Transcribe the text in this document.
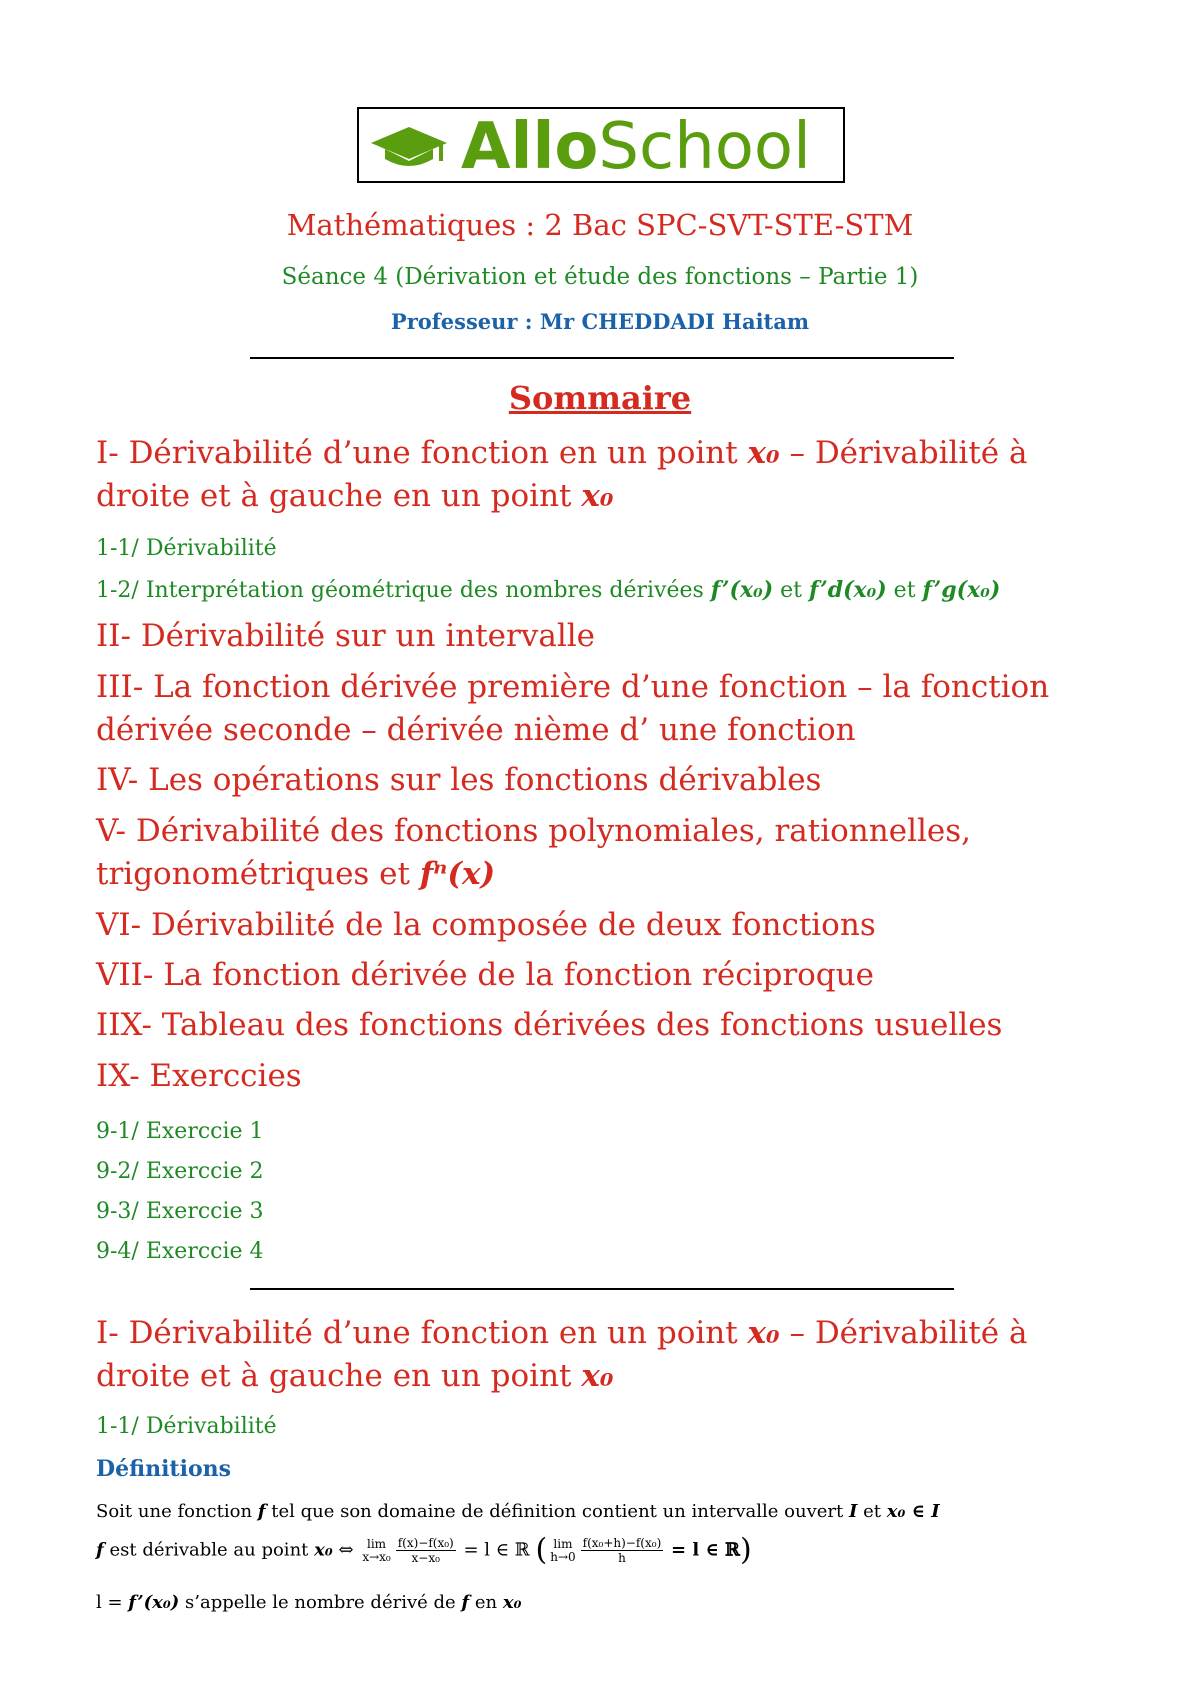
AlloSchool
Mathématiques : 2 Bac SPC-SVT-STE-STM
Séance 4 (Dérivation et étude des fonctions – Partie 1)
Professeur : Mr CHEDDADI Haitam
Sommaire
I- Dérivabilité d’une fonction en un point x₀ – Dérivabilité à droite et à gauche en un point x₀
1-1/ Dérivabilité
1-2/ Interprétation géométrique des nombres dérivées f’(x₀) et f’d(x₀) et f’g(x₀)
II- Dérivabilité sur un intervalle
III- La fonction dérivée première d’une fonction – la fonction dérivée seconde – dérivée nième d’ une fonction
IV- Les opérations sur les fonctions dérivables
V- Dérivabilité des fonctions polynomiales, rationnelles, trigonométriques et fⁿ(x)
VI- Dérivabilité de la composée de deux fonctions
VII- La fonction dérivée de la fonction réciproque
IIX- Tableau des fonctions dérivées des fonctions usuelles
IX- Exerccies
9-1/ Exerccie 1
9-2/ Exerccie 2
9-3/ Exerccie 3
9-4/ Exerccie 4
I- Dérivabilité d’une fonction en un point x₀ – Dérivabilité à droite et à gauche en un point x₀
1-1/ Dérivabilité
Définitions
Soit une fonction f tel que son domaine de définition contient un intervalle ouvert I et x₀ ∈ I
f est dérivable au point x₀ ⇔	lim
$x\to x_0 \frac{\text{f(x)−f(x₀)}}{\text{x−x₀}} = l$ ∈ ℝ ( lim
$h\to 0 \frac{\text{f(x₀+h)−f(x₀)}}{h} = l$ ∈ ℝ)
l = f’(x₀) s’appelle le nombre dérivé de f en x₀
